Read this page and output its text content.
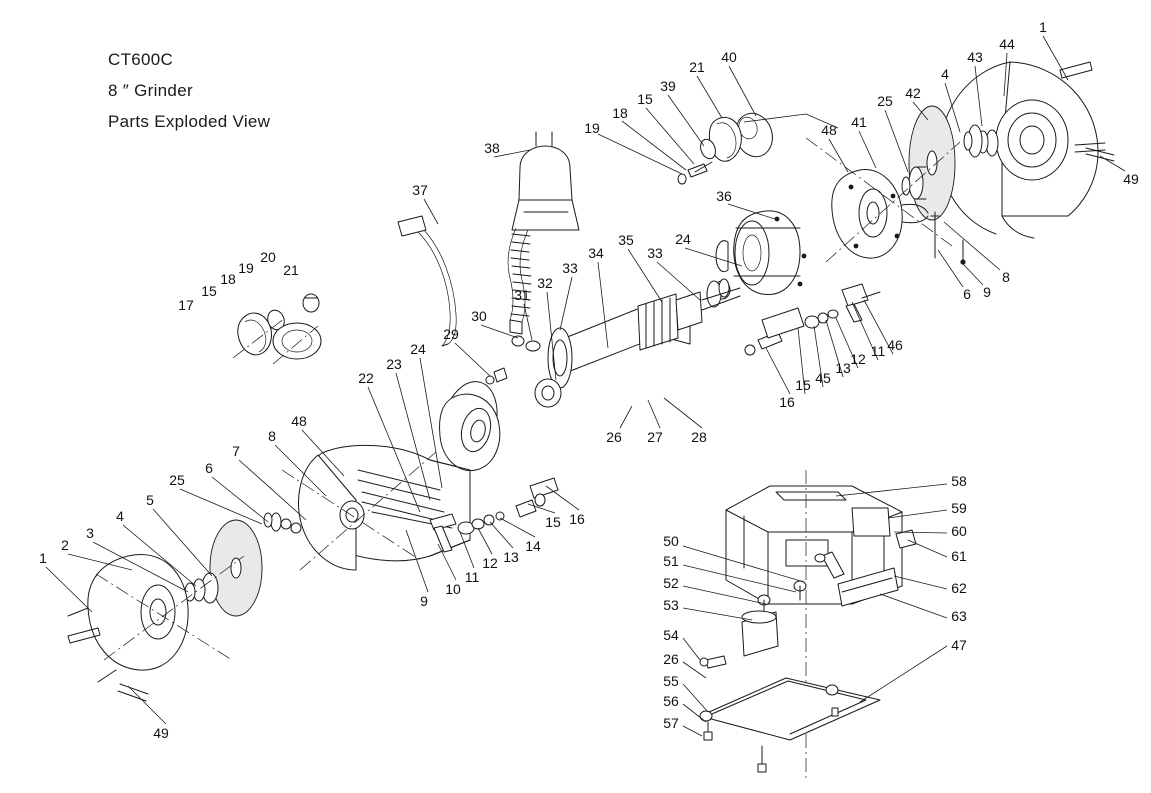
CT600C
8 ″ Grinder
Parts Exploded View
1
44
43
40
21	4
39
15	42
25
18
41
48
19
38
49
37	36
8
9
6
24
33
35
34
33
32
31
21
20
19
18
15
17
29
30
46
11
12
13
45
15
16
24
23
22
26 27 28
48
8
7
6
25
5
4
3
2
1
15 16
14
13
12
11
10
9
49
58
59
60
61
62
63
47
50
51
52
53
54
26
55
56
57
